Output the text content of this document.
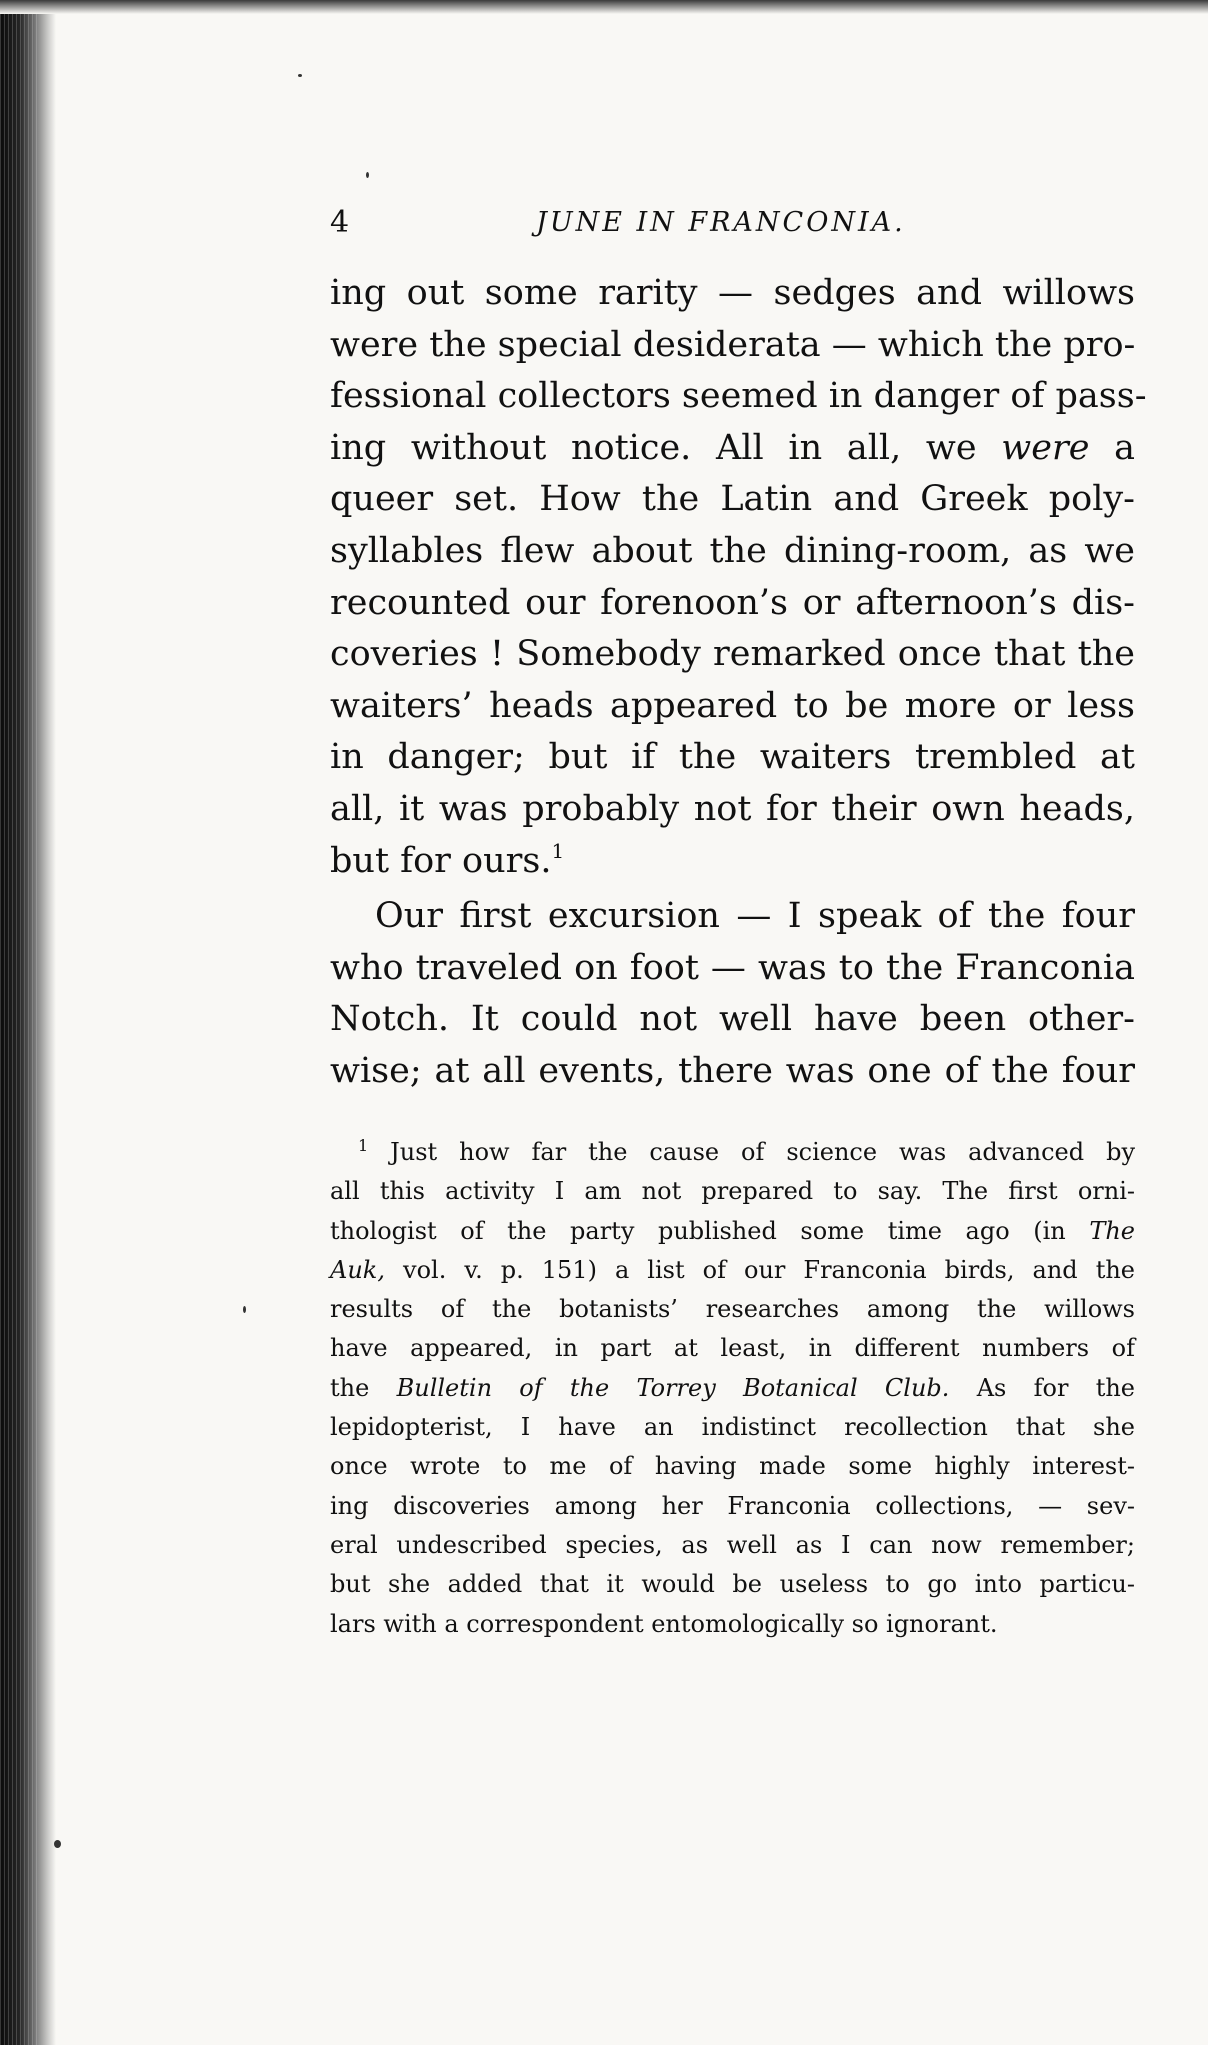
4	JUNE IN FRANCONIA.
ing out some rarity — sedges and willows
were the special desiderata — which the pro-
fessional collectors seemed in danger of pass-
ing without notice. All in all, we were a
queer set. How the Latin and Greek poly-
syllables flew about the dining-room, as we
recounted our forenoon’s or afternoon’s dis-
coveries ! Somebody remarked once that the
waiters’ heads appeared to be more or less
in danger; but if the waiters trembled at
all, it was probably not for their own heads,
but for ours.$^1$
Our first excursion — I speak of the four
who traveled on foot — was to the Franconia
Notch. It could not well have been other-
wise; at all events, there was one of the four
$^1$ Just how far the cause of science was advanced by
all this activity I am not prepared to say. The first orni-
thologist of the party published some time ago (in The
Auk, vol. v. p. 151) a list of our Franconia birds, and the
results of the botanists’ researches among the willows
have appeared, in part at least, in different numbers of
the Bulletin of the Torrey Botanical Club. As for the
lepidopterist, I have an indistinct recollection that she
once wrote to me of having made some highly interest-
ing discoveries among her Franconia collections, — sev-
eral undescribed species, as well as I can now remember;
but she added that it would be useless to go into particu-
lars with a correspondent entomologically so ignorant.
